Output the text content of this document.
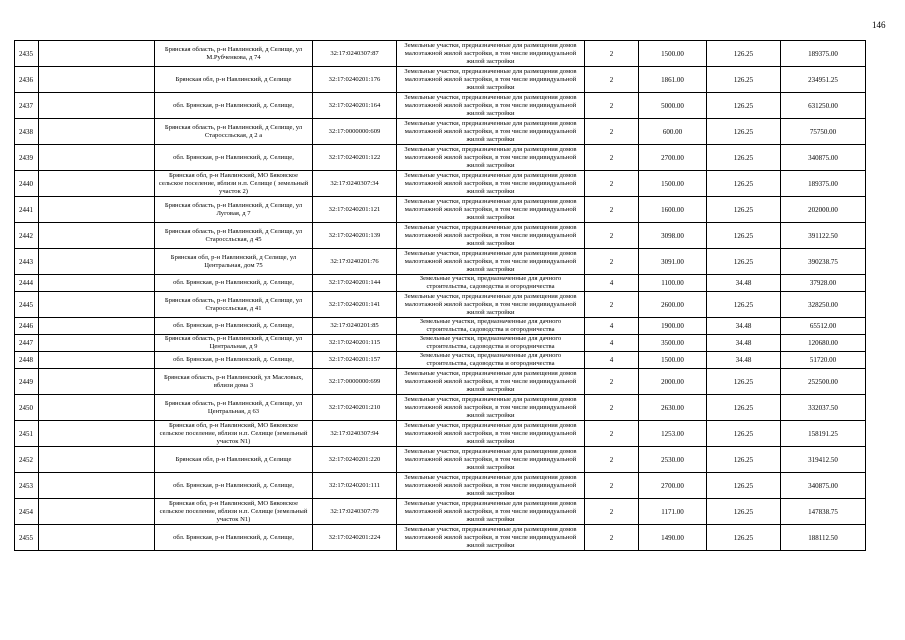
146
2435		Брянская область, р-н Навлинский, д Селище, ул М.Рубченкова, д 74	32:17:0240307:87	Земельные участки, предназначенные для размещения домов малоэтажной жилой застройки, в том числе индивидуальной жилой застройки	2	1500.00	126.25	189375.00
2436		Брянская обл, р-н Навлинский, д Селище	32:17:0240201:176	Земельные участки, предназначенные для размещения домов малоэтажной жилой застройки, в том числе индивидуальной жилой застройки	2	1861.00	126.25	234951.25
2437		обл. Брянская, р-н Навлинский, д. Селище,	32:17:0240201:164	Земельные участки, предназначенные для размещения домов малоэтажной жилой застройки, в том числе индивидуальной жилой застройки	2	5000.00	126.25	631250.00
2438		Брянская область, р-н Навлинский, д Селище, ул Староссльская, д 2 а	32:17:0000000:609	Земельные участки, предназначенные для размещения домов малоэтажной жилой застройки, в том числе индивидуальной жилой застройки	2	600.00	126.25	75750.00
2439		обл. Брянская, р-н Навлинский, д. Селище,	32:17:0240201:122	Земельные участки, предназначенные для размещения домов малоэтажной жилой застройки, в том числе индивидуальной жилой застройки	2	2700.00	126.25	340875.00
2440		Брянская обл, р-н Навлинский, МО Бяковское сельское поселение, вблизи н.п. Селище ( земельный участок 2)	32:17:0240307:34	Земельные участки, предназначенные для размещения домов малоэтажной жилой застройки, в том числе индивидуальной жилой застройки	2	1500.00	126.25	189375.00
2441		Брянская область, р-н Навлинский, д Селище, ул Луговая, д 7	32:17:0240201:121	Земельные участки, предназначенные для размещения домов малоэтажной жилой застройки, в том числе индивидуальной жилой застройки	2	1600.00	126.25	202000.00
2442		Брянская область, р-н Навлинский, д Селище, ул Староссльская, д 45	32:17:0240201:139	Земельные участки, предназначенные для размещения домов малоэтажной жилой застройки, в том числе индивидуальной жилой застройки	2	3098.00	126.25	391122.50
2443		Брянская обл, р-н Навлинский, д Селище, ул Центральная, дом 75	32:17:0240201:76	Земельные участки, предназначенные для размещения домов малоэтажной жилой застройки, в том числе индивидуальной жилой застройки	2	3091.00	126.25	390238.75
2444		обл. Брянская, р-н Навлинский, д. Селище,	32:17:0240201:144	Земельные участки, предназначенные для дачного строительства, садоводства и огородничества	4	1100.00	34.48	37928.00
2445		Брянская область, р-н Навлинский, д Селище, ул Староссльская, д 41	32:17:0240201:141	Земельные участки, предназначенные для размещения домов малоэтажной жилой застройки, в том числе индивидуальной жилой застройки	2	2600.00	126.25	328250.00
2446		обл. Брянская, р-н Навлинский, д. Селище,	32:17:0240201:85	Земельные участки, предназначенные для дачного строительства, садоводства и огородничества	4	1900.00	34.48	65512.00
2447		Брянская область, р-н Навлинский, д Селище, ул Центральная, д 9	32:17:0240201:115	Земельные участки, предназначенные для дачного строительства, садоводства и огородничества	4	3500.00	34.48	120680.00
2448		обл. Брянская, р-н Навлинский, д. Селище,	32:17:0240201:157	Земельные участки, предназначенные для дачного строительства, садоводства и огородничества	4	1500.00	34.48	51720.00
2449		Брянская область, р-н Навлинский, ул Масловых, вблизи дома 3	32:17:0000000:699	Земельные участки, предназначенные для размещения домов малоэтажной жилой застройки, в том числе индивидуальной жилой застройки	2	2000.00	126.25	252500.00
2450		Брянская область, р-н Навлинский, д Селище, ул Центральная, д 63	32:17:0240201:210	Земельные участки, предназначенные для размещения домов малоэтажной жилой застройки, в том числе индивидуальной жилой застройки	2	2630.00	126.25	332037.50
2451		Брянская обл, р-н Навлинский, МО Бяковское сельское поселение, вблизи н.п. Селище (земельный участок N1)	32:17:0240307:94	Земельные участки, предназначенные для размещения домов малоэтажной жилой застройки, в том числе индивидуальной жилой застройки	2	1253.00	126.25	158191.25
2452		Брянская обл, р-н Навлинский, д Селище	32:17:0240201:220	Земельные участки, предназначенные для размещения домов малоэтажной жилой застройки, в том числе индивидуальной жилой застройки	2	2530.00	126.25	319412.50
2453		обл. Брянская, р-н Навлинский, д. Селище,	32:17:0240201:111	Земельные участки, предназначенные для размещения домов малоэтажной жилой застройки, в том числе индивидуальной жилой застройки	2	2700.00	126.25	340875.00
2454		Брянская обл, р-н Навлинский, МО Бяковское сельское поселение, вблизи н.п. Селище (земельный участок N1)	32:17:0240307:79	Земельные участки, предназначенные для размещения домов малоэтажной жилой застройки, в том числе индивидуальной жилой застройки	2	1171.00	126.25	147838.75
2455		обл. Брянская, р-н Навлинский, д. Селище,	32:17:0240201:224	Земельные участки, предназначенные для размещения домов малоэтажной жилой застройки, в том числе индивидуальной жилой застройки	2	1490.00	126.25	188112.50
